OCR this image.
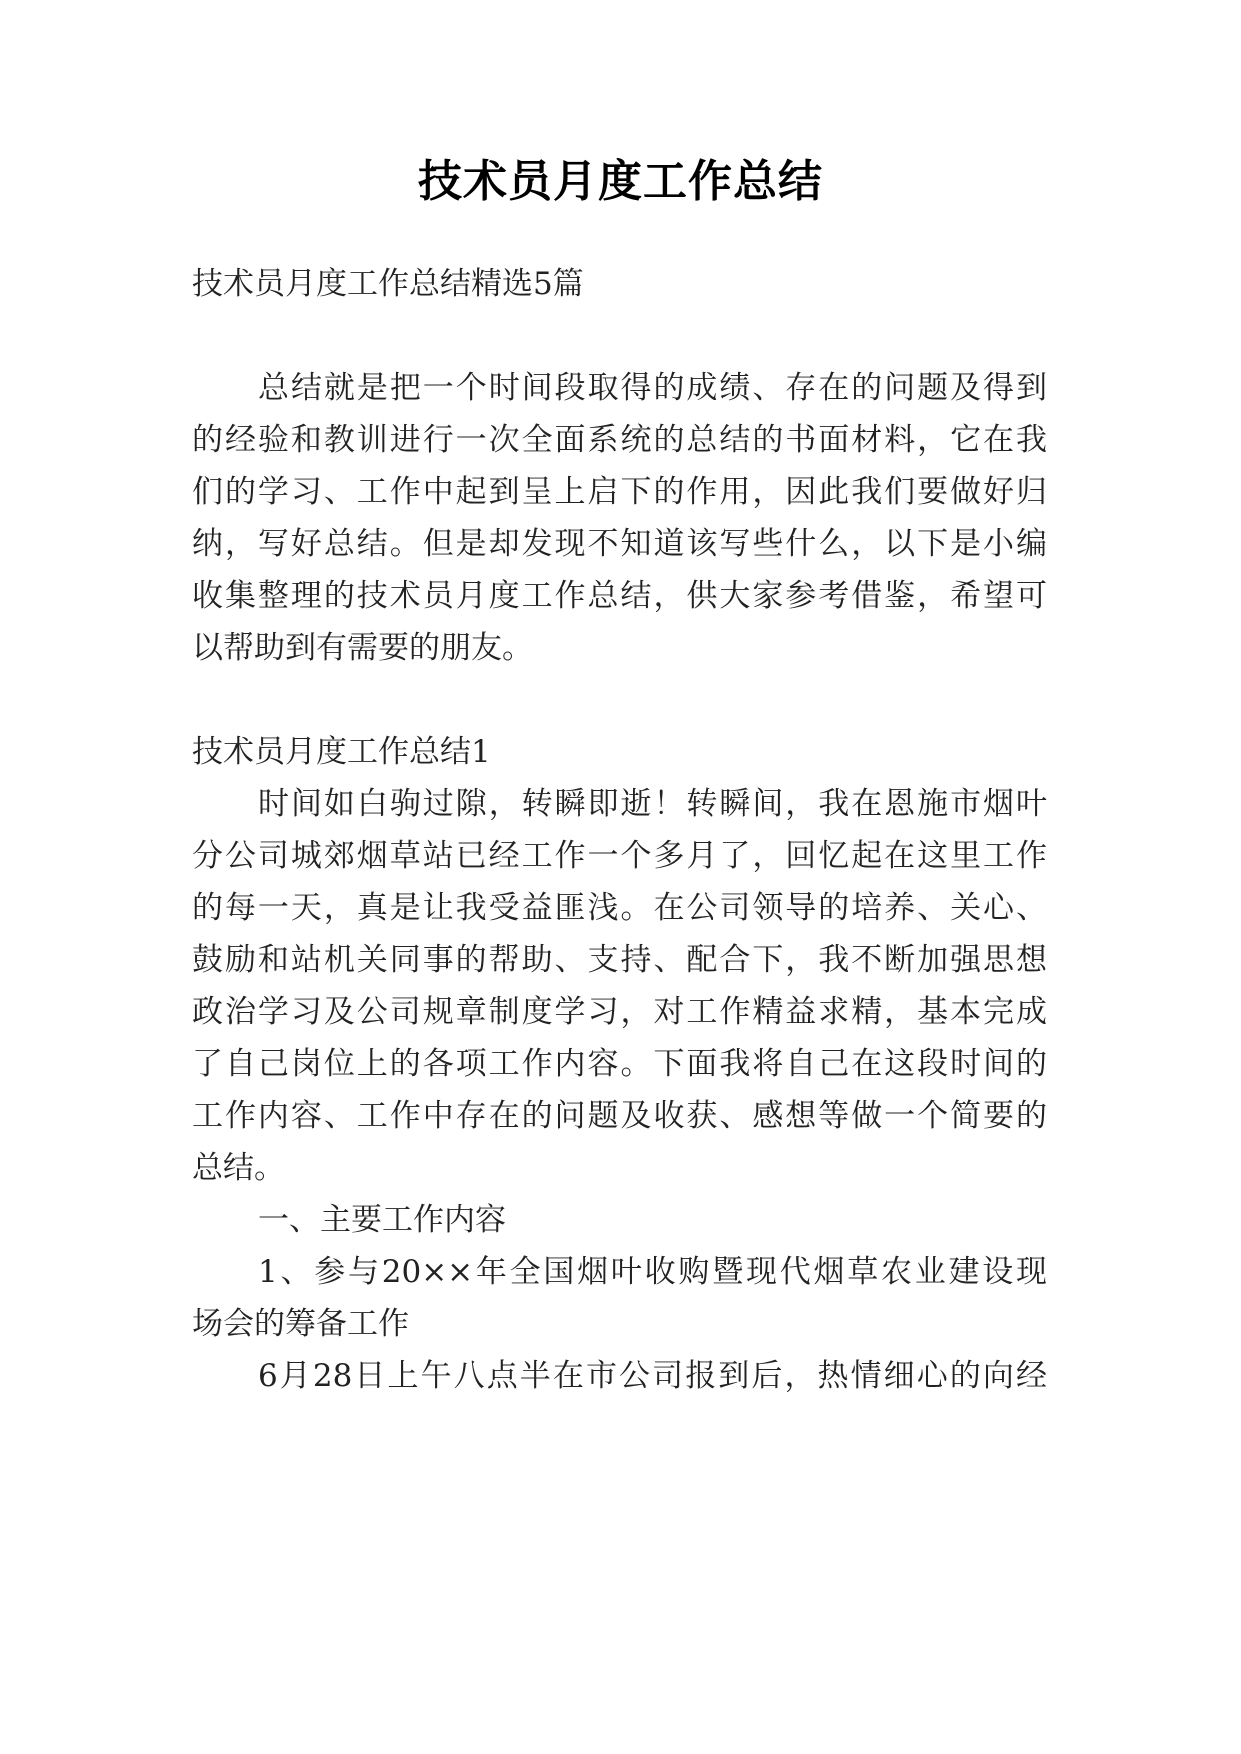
技术员月度工作总结
技术员月度工作总结精选5篇
总结就是把一个时间段取得的成绩、存在的问题及得到
的经验和教训进行一次全面系统的总结的书面材料，它在我
们的学习、工作中起到呈上启下的作用，因此我们要做好归
纳，写好总结。但是却发现不知道该写些什么，以下是小编
收集整理的技术员月度工作总结，供大家参考借鉴，希望可
以帮助到有需要的朋友。
技术员月度工作总结1
时间如白驹过隙，转瞬即逝！转瞬间，我在恩施市烟叶
分公司城郊烟草站已经工作一个多月了，回忆起在这里工作
的每一天，真是让我受益匪浅。在公司领导的培养、关心、
鼓励和站机关同事的帮助、支持、配合下，我不断加强思想
政治学习及公司规章制度学习，对工作精益求精，基本完成
了自己岗位上的各项工作内容。下面我将自己在这段时间的
工作内容、工作中存在的问题及收获、感想等做一个简要的
总结。
一、主要工作内容
1、参与20××年全国烟叶收购暨现代烟草农业建设现
场会的筹备工作
6月28日上午八点半在市公司报到后，热情细心的向经
